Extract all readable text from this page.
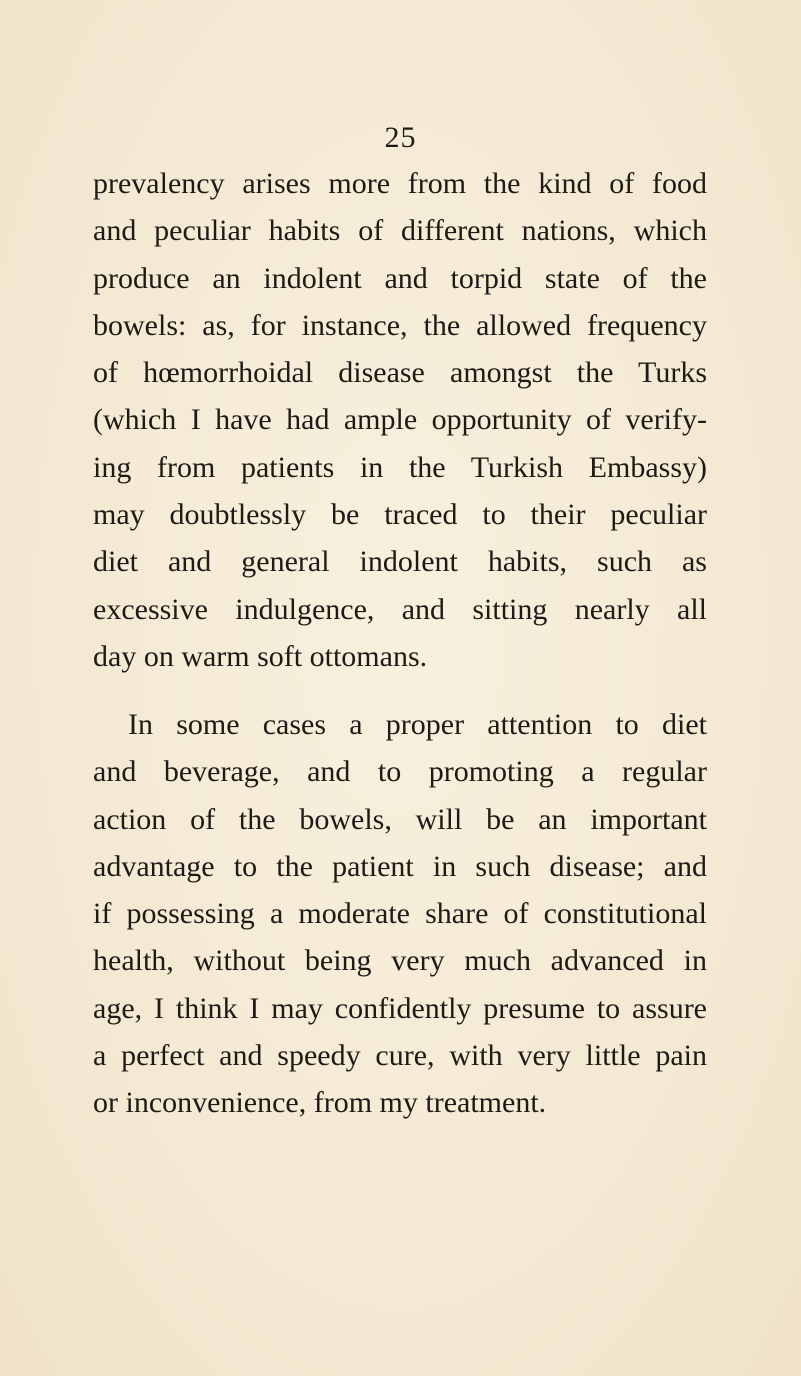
25
prevalency arises more from the kind of food
and peculiar habits of different nations, which
produce an indolent and torpid state of the
bowels: as, for instance, the allowed frequency
of hœmorrhoidal disease amongst the Turks
(which I have had ample opportunity of verify-
ing from patients in the Turkish Embassy)
may doubtlessly be traced to their peculiar
diet and general indolent habits, such as
excessive indulgence, and sitting nearly all
day on warm soft ottomans.
In some cases a proper attention to diet
and beverage, and to promoting a regular
action of the bowels, will be an important
advantage to the patient in such disease; and
if possessing a moderate share of constitutional
health, without being very much advanced in
age, I think I may confidently presume to assure
a perfect and speedy cure, with very little pain
or inconvenience, from my treatment.
